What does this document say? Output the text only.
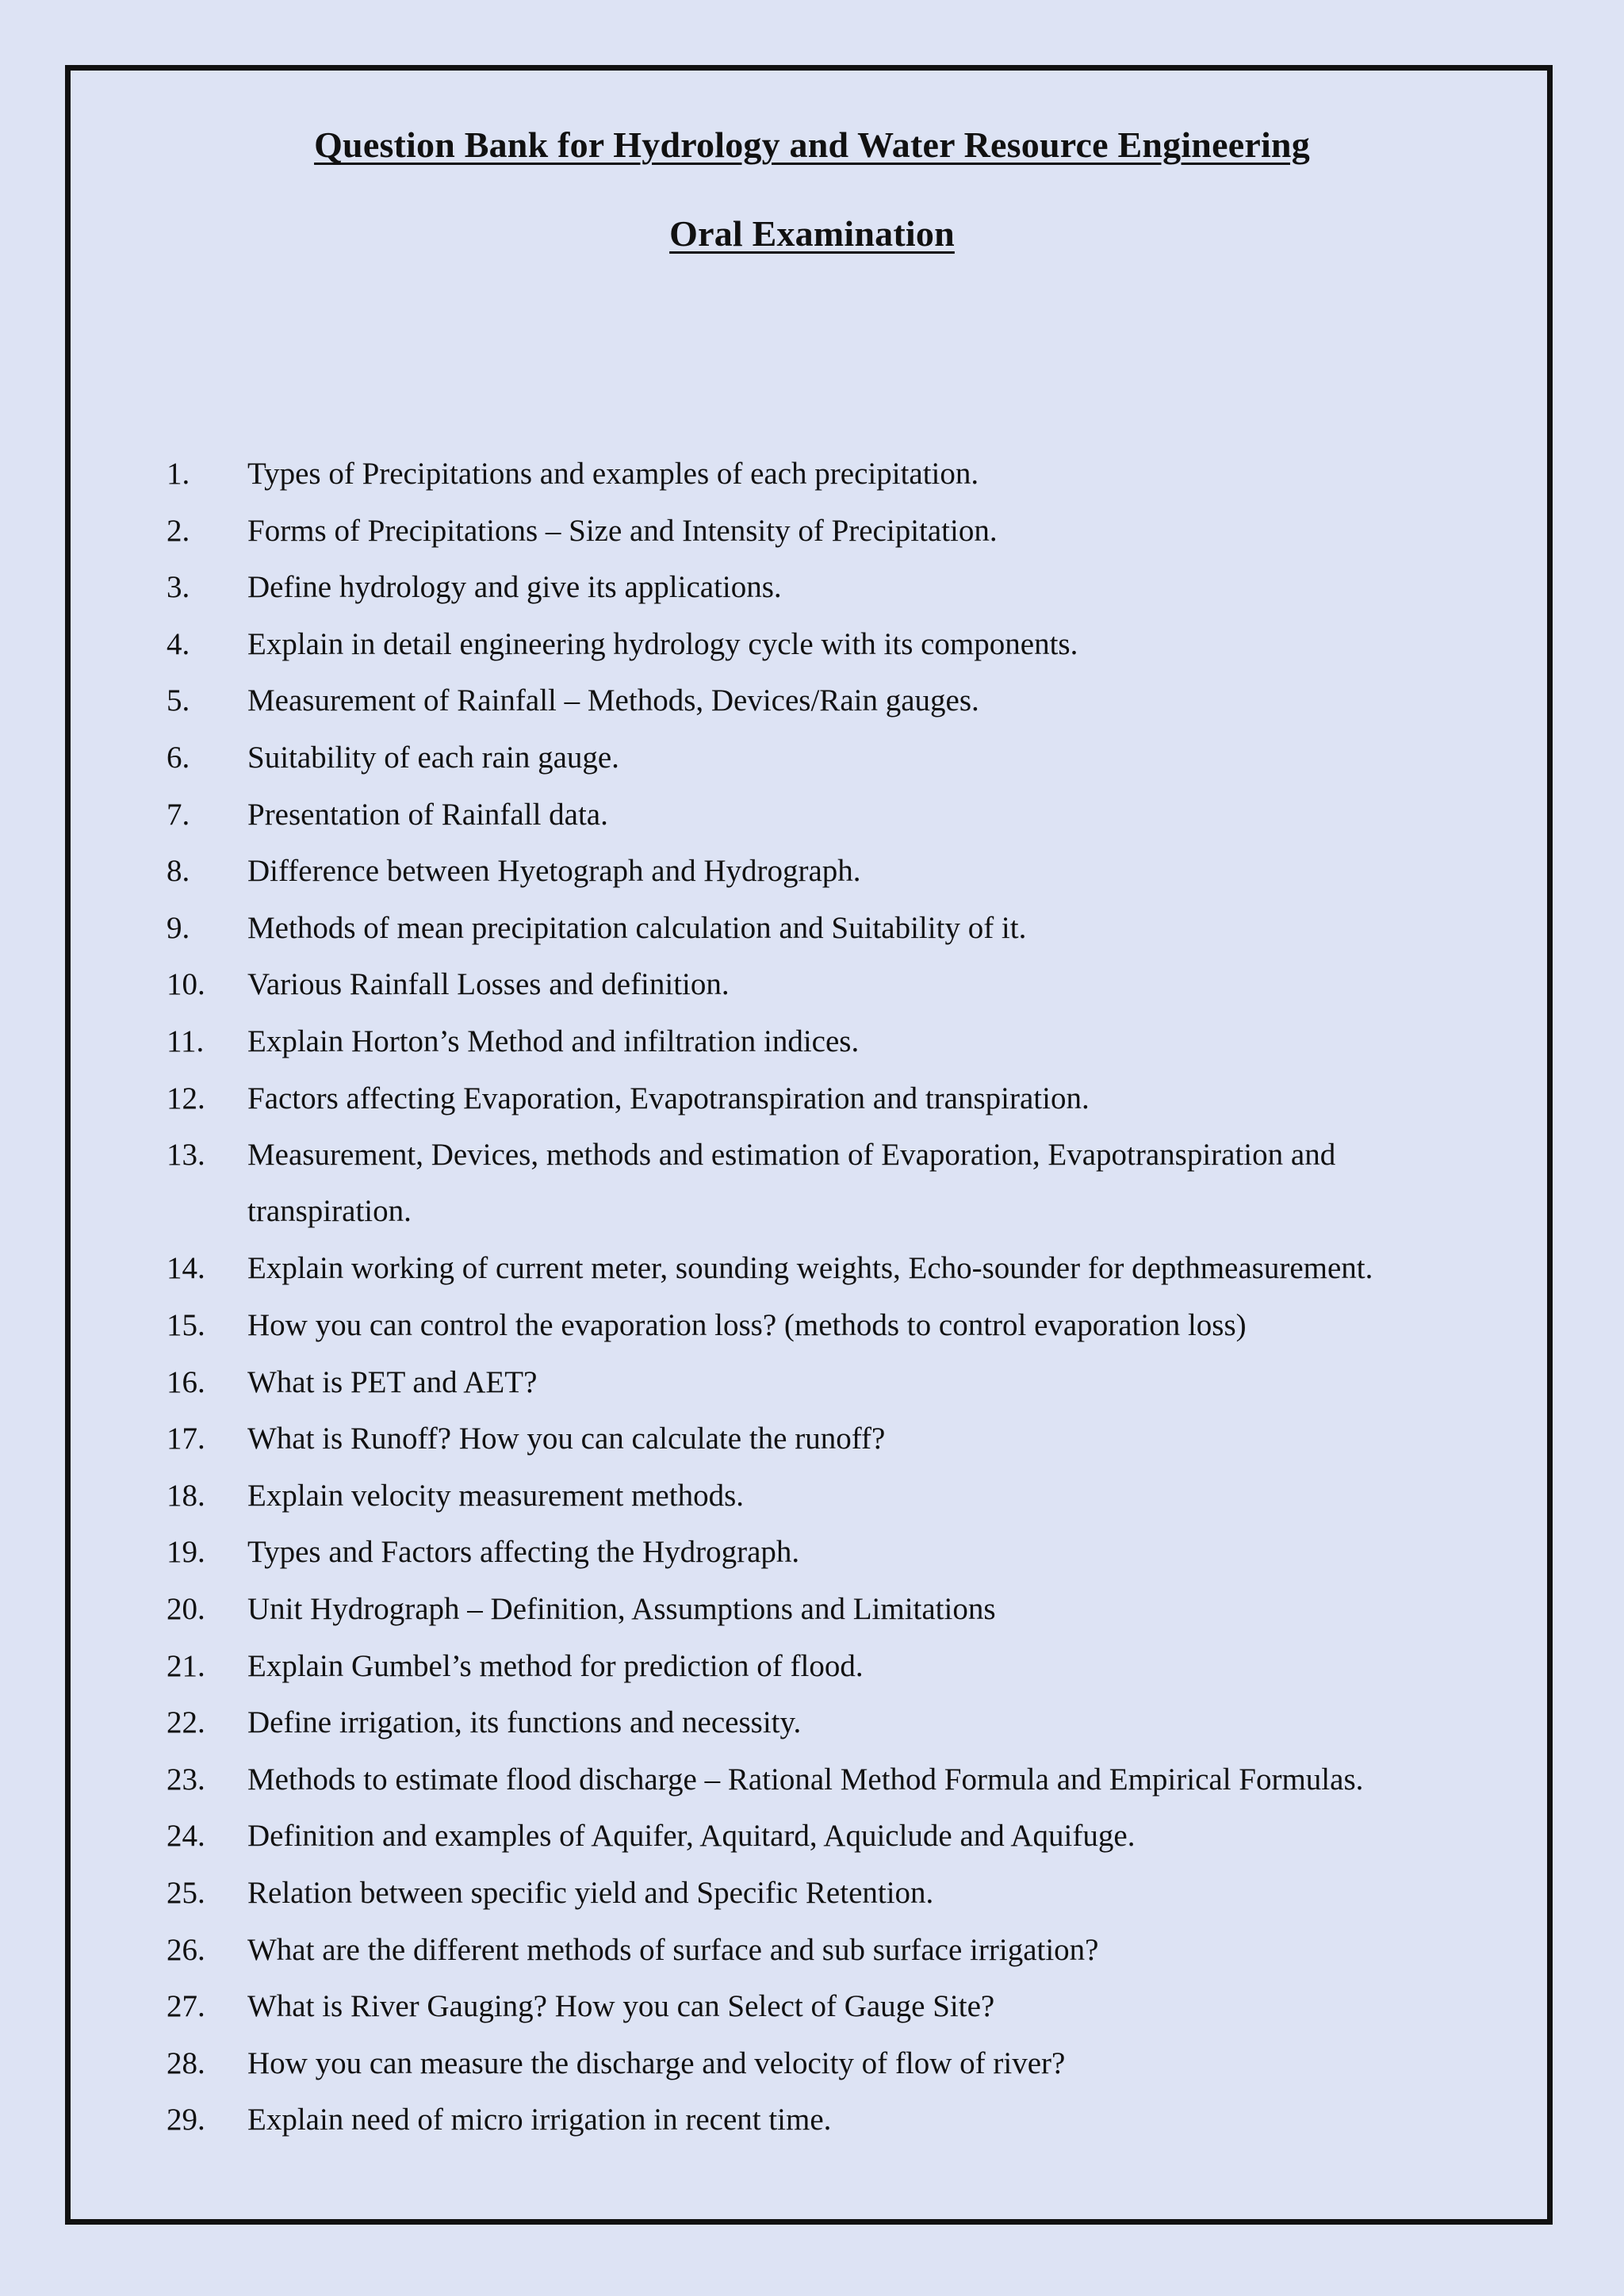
Question Bank for Hydrology and Water Resource Engineering
Oral Examination
1.	Types of Precipitations and examples of each precipitation.
2.	Forms of Precipitations – Size and Intensity of Precipitation.
3.	Define hydrology and give its applications.
4.	Explain in detail engineering hydrology cycle with its components.
5.	Measurement of Rainfall – Methods, Devices/Rain gauges.
6.	Suitability of each rain gauge.
7.	Presentation of Rainfall data.
8.	Difference between Hyetograph and Hydrograph.
9.	Methods of mean precipitation calculation and Suitability of it.
10.	Various Rainfall Losses and definition.
11.	Explain Horton’s Method and infiltration indices.
12.	Factors affecting Evaporation, Evapotranspiration and transpiration.
13.	Measurement, Devices, methods and estimation of Evaporation, Evapotranspiration and transpiration.
14.	Explain working of current meter, sounding weights, Echo-sounder for depthmeasurement.
15.	How you can control the evaporation loss? (methods to control evaporation loss)
16.	What is PET and AET?
17.	What is Runoff? How you can calculate the runoff?
18.	Explain velocity measurement methods.
19.	Types and Factors affecting the Hydrograph.
20.	Unit Hydrograph – Definition, Assumptions and Limitations
21.	Explain Gumbel’s method for prediction of flood.
22.	Define irrigation, its functions and necessity.
23.	Methods to estimate flood discharge – Rational Method Formula and Empirical Formulas.
24.	Definition and examples of Aquifer, Aquitard, Aquiclude and Aquifuge.
25.	Relation between specific yield and Specific Retention.
26.	What are the different methods of surface and sub surface irrigation?
27.	What is River Gauging? How you can Select of Gauge Site?
28.	How you can measure the discharge and velocity of flow of river?
29.	Explain need of micro irrigation in recent time.
